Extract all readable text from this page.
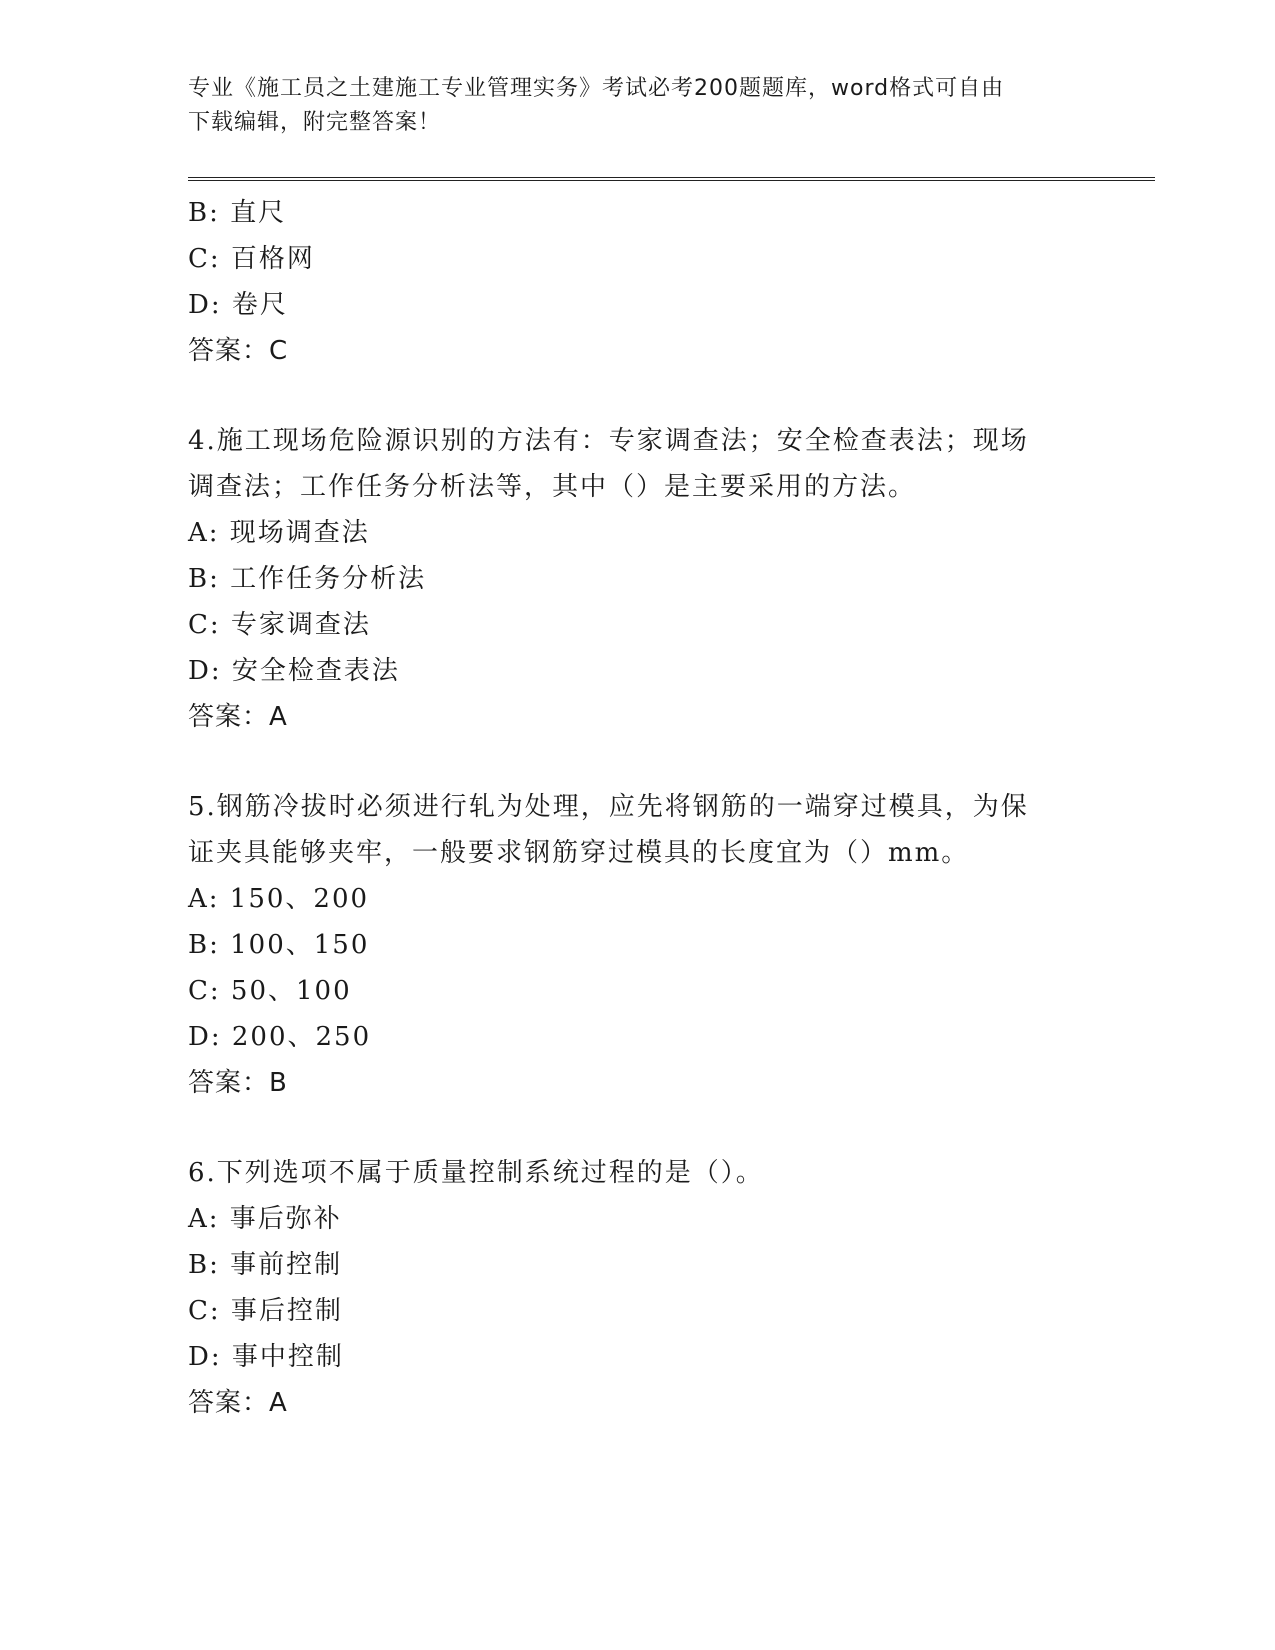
专业《施工员之土建施工专业管理实务》考试必考200题题库，word格式可自由
下载编辑，附完整答案！
B: 直尺
C: 百格网
D: 卷尺
答案：C
4.施工现场危险源识别的方法有：专家调查法；安全检查表法；现场
调查法；工作任务分析法等，其中（）是主要采用的方法。
A: 现场调查法
B: 工作任务分析法
C: 专家调查法
D: 安全检查表法
答案：A
5.钢筋冷拔时必须进行轧为处理，应先将钢筋的一端穿过模具，为保
证夹具能够夹牢，一般要求钢筋穿过模具的长度宜为（）mm。
A: 150、200
B: 100、150
C: 50、100
D: 200、250
答案：B
6.下列选项不属于质量控制系统过程的是（）。
A: 事后弥补
B: 事前控制
C: 事后控制
D: 事中控制
答案：A
